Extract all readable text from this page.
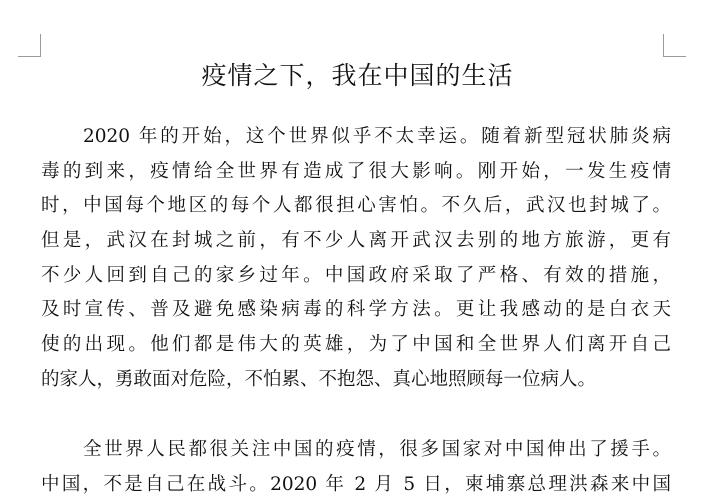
疫情之下，我在中国的生活
2020 年的开始，这个世界似乎不太幸运。随着新型冠状肺炎病
毒的到来，疫情给全世界有造成了很大影响。刚开始，一发生疫情
时，中国每个地区的每个人都很担心害怕。不久后，武汉也封城了。
但是，武汉在封城之前，有不少人离开武汉去别的地方旅游，更有
不少人回到自己的家乡过年。中国政府采取了严格、有效的措施，
及时宣传、普及避免感染病毒的科学方法。更让我感动的是白衣天
使的出现。他们都是伟大的英雄，为了中国和全世界人们离开自己
的家人，勇敢面对危险，不怕累、不抱怨、真心地照顾每一位病人。
全世界人民都很关注中国的疫情，很多国家对中国伸出了援手。
中国，不是自己在战斗。2020 年 2 月 5 日，柬埔寨总理洪森来中国
